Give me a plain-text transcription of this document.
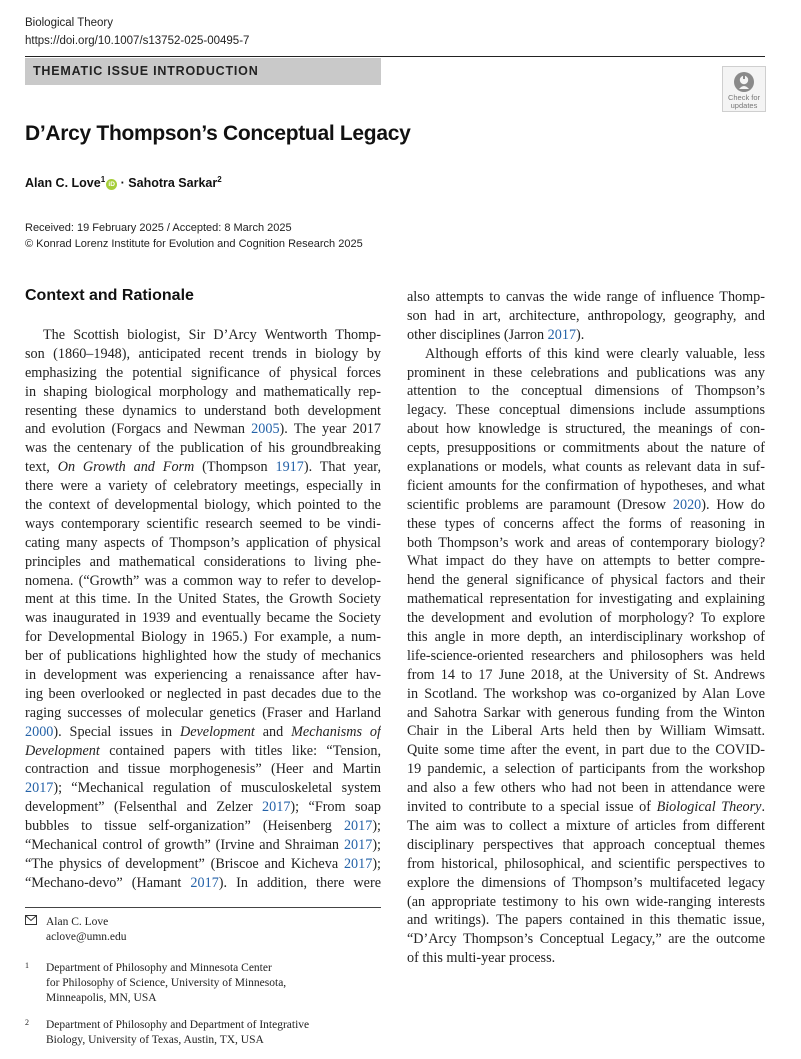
Biological Theory
https://doi.org/10.1007/s13752-025-00495-7
THEMATIC ISSUE INTRODUCTION
Check for
updates
D’Arcy Thompson’s Conceptual Legacy
Alan C. Love$^1$iD · Sahotra Sarkar$^2$
Received: 19 February 2025 / Accepted: 8 March 2025
© Konrad Lorenz Institute for Evolution and Cognition Research 2025
Context and Rationale
The Scottish biologist, Sir D’Arcy Wentworth Thomp-
son (1860–1948), anticipated recent trends in biology by
emphasizing the potential significance of physical forces
in shaping biological morphology and mathematically rep-
resenting these dynamics to understand both development
and evolution (Forgacs and Newman 2005). The year 2017
was the centenary of the publication of his groundbreaking
text, On Growth and Form (Thompson 1917). That year,
there were a variety of celebratory meetings, especially in
the context of developmental biology, which pointed to the
ways contemporary scientific research seemed to be vindi-
cating many aspects of Thompson’s application of physical
principles and mathematical considerations to living phe-
nomena. (“Growth” was a common way to refer to develop-
ment at this time. In the United States, the Growth Society
was inaugurated in 1939 and eventually became the Society
for Developmental Biology in 1965.) For example, a num-
ber of publications highlighted how the study of mechanics
in development was experiencing a renaissance after hav-
ing been overlooked or neglected in past decades due to the
raging successes of molecular genetics (Fraser and Harland
2000). Special issues in Development and Mechanisms of
Development contained papers with titles like: “Tension,
contraction and tissue morphogenesis” (Heer and Martin
2017); “Mechanical regulation of musculoskeletal system
development” (Felsenthal and Zelzer 2017); “From soap
bubbles to tissue self-organization” (Heisenberg 2017);
“Mechanical control of growth” (Irvine and Shraiman 2017);
“The physics of development” (Briscoe and Kicheva 2017);
“Mechano-devo” (Hamant 2017). In addition, there were
also attempts to canvas the wide range of influence Thomp-
son had in art, architecture, anthropology, geography, and
other disciplines (Jarron 2017).
Although efforts of this kind were clearly valuable, less
prominent in these celebrations and publications was any
attention to the conceptual dimensions of Thompson’s
legacy. These conceptual dimensions include assumptions
about how knowledge is structured, the meanings of con-
cepts, presuppositions or commitments about the nature of
explanations or models, what counts as relevant data in suf-
ficient amounts for the confirmation of hypotheses, and what
scientific problems are paramount (Dresow 2020). How do
these types of concerns affect the forms of reasoning in
both Thompson’s work and areas of contemporary biology?
What impact do they have on attempts to better compre-
hend the general significance of physical factors and their
mathematical representation for investigating and explaining
the development and evolution of morphology? To explore
this angle in more depth, an interdisciplinary workshop of
life-science-oriented researchers and philosophers was held
from 14 to 17 June 2018, at the University of St. Andrews
in Scotland. The workshop was co-organized by Alan Love
and Sahotra Sarkar with generous funding from the Winton
Chair in the Liberal Arts held then by William Wimsatt.
Quite some time after the event, in part due to the COVID-
19 pandemic, a selection of participants from the workshop
and also a few others who had not been in attendance were
invited to contribute to a special issue of Biological Theory.
The aim was to collect a mixture of articles from different
disciplinary perspectives that approach conceptual themes
from historical, philosophical, and scientific perspectives to
explore the dimensions of Thompson’s multifaceted legacy
(an appropriate testimony to his own wide-ranging interests
and writings). The papers contained in this thematic issue,
“D’Arcy Thompson’s Conceptual Legacy,” are the outcome
of this multi-year process.
Alan C. Love
aclove@umn.edu
1 Department of Philosophy and Minnesota Center
for Philosophy of Science, University of Minnesota,
Minneapolis, MN, USA
2 Department of Philosophy and Department of Integrative
Biology, University of Texas, Austin, TX, USA
